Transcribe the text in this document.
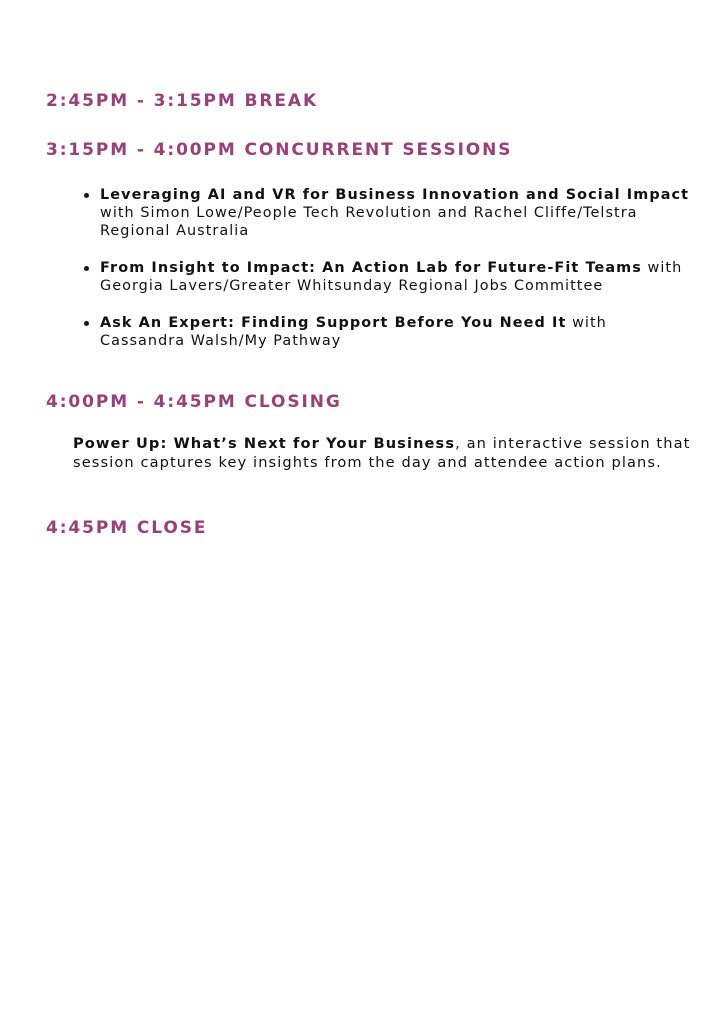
2:45PM - 3:15PM BREAK
3:15PM - 4:00PM CONCURRENT SESSIONS
Leveraging AI and VR for Business Innovation and Social Impact with Simon Lowe/People Tech Revolution and Rachel Cliffe/Telstra Regional Australia
From Insight to Impact: An Action Lab for Future-Fit Teams with Georgia Lavers/Greater Whitsunday Regional Jobs Committee
Ask An Expert: Finding Support Before You Need It with Cassandra Walsh/My Pathway
4:00PM - 4:45PM CLOSING

Power Up: What’s Next for Your Business, an interactive session that session captures key insights from the day and attendee action plans.

4:45PM CLOSE
